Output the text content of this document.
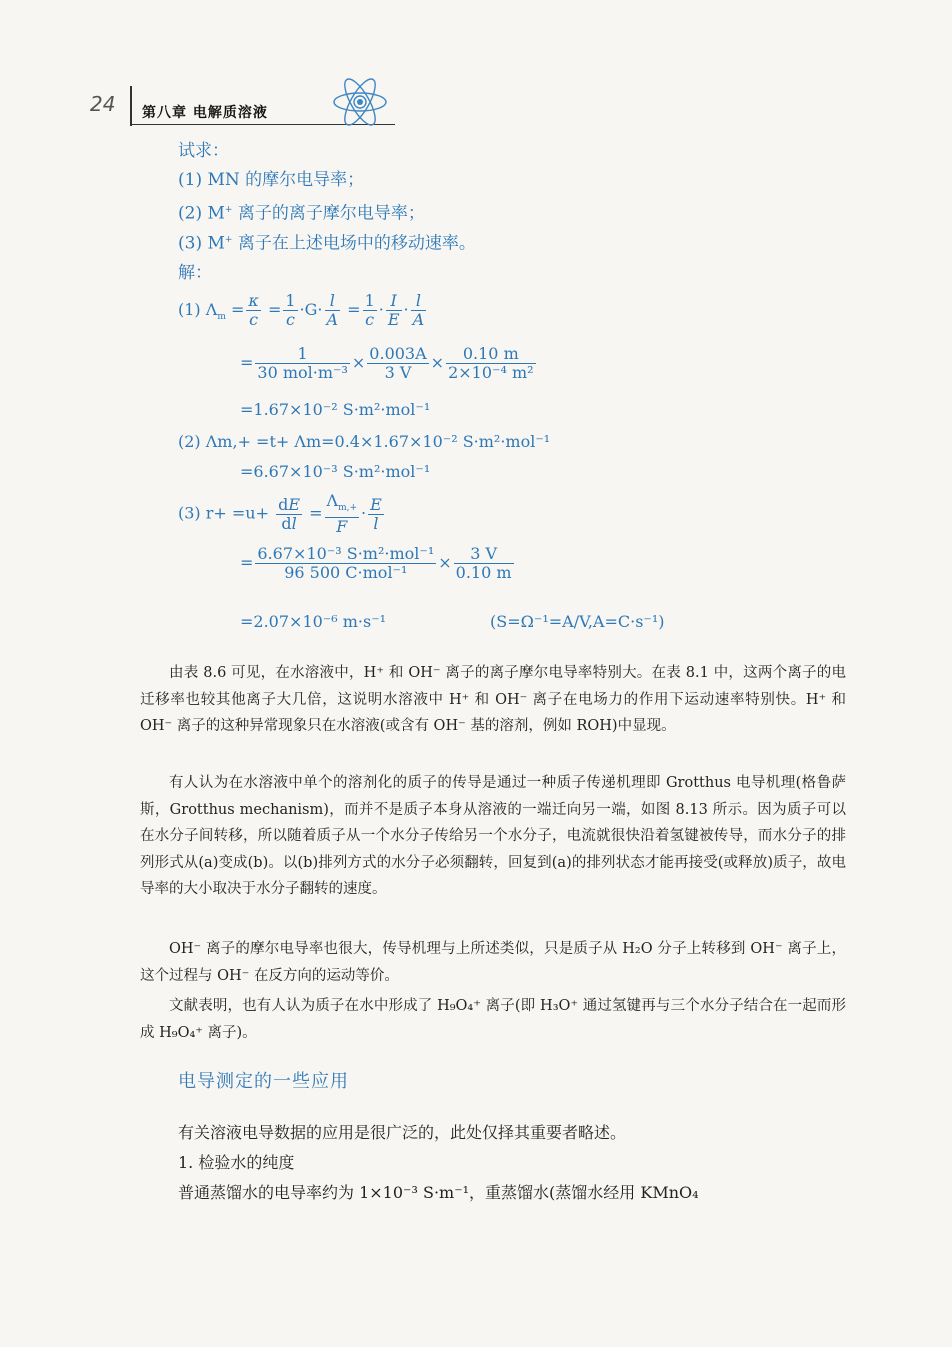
24 第八章 电解质溶液
试求：
(1) MN 的摩尔电导率；
(2) M+ 离子的离子摩尔电导率；
(3) M+ 离子在上述电场中的移动速率。
解：
(1) $\Lambda_m = \frac{\kappa}{c} = \frac{1}{c} \cdot G\cdot \frac{l}{A} = \frac{1}{c} \cdot \frac{I}{E} \cdot \frac{l}{A}$
= $\frac{1}{\text{30 mol·m⁻³}} \times \frac{0.003A}{3 V} \times \frac{0.10 m}{\text{2×10⁻⁴ m²}}$
=1.67×10⁻² S·m²·mol⁻¹
(2) Λm,+ =t+ Λm=0.4×1.67×10⁻² S·m²·mol⁻¹
=6.67×10⁻³ S·m²·mol⁻¹
(3) $r+ =u+ \frac{dE}{dl} = \frac{\Lambda_{m,+}}{F} \cdot \frac{E}{l}$
= $\frac{\text{6.67×10⁻³ S·m²·mol⁻¹}}{\text{96 500 C·mol⁻¹}} \times \frac{3 V}{0.10 m}$
=2.07×10⁻⁶ m·s⁻¹	(S=Ω⁻¹=A/V,A=C·s⁻¹)
由表 8.6 可见，在水溶液中，H⁺ 和 OH⁻ 离子的离子摩尔电导率特别大。在表 8.1 中，这两个离子的电迁移率也较其他离子大几倍，这说明水溶液中 H⁺ 和 OH⁻ 离子在电场力的作用下运动速率特别快。H⁺ 和 OH⁻ 离子的这种异常现象只在水溶液(或含有 OH⁻ 基的溶剂，例如 ROH)中显现。
有人认为在水溶液中单个的溶剂化的质子的传导是通过一种质子传递机理即 Grotthus 电导机理(格鲁萨斯，Grotthus mechanism)，而并不是质子本身从溶液的一端迁向另一端，如图 8.13 所示。因为质子可以在水分子间转移，所以随着质子从一个水分子传给另一个水分子，电流就很快沿着氢键被传导，而水分子的排列形式从(a)变成(b)。以(b)排列方式的水分子必须翻转，回复到(a)的排列状态才能再接受(或释放)质子，故电导率的大小取决于水分子翻转的速度。
OH⁻ 离子的摩尔电导率也很大，传导机理与上所述类似，只是质子从 H₂O 分子上转移到 OH⁻ 离子上，这个过程与 OH⁻ 在反方向的运动等价。
文献表明，也有人认为质子在水中形成了 H₉O₄⁺ 离子(即 H₃O⁺ 通过氢键再与三个水分子结合在一起而形成 H₉O₄⁺ 离子)。
电导测定的一些应用
有关溶液电导数据的应用是很广泛的，此处仅择其重要者略述。
1. 检验水的纯度
普通蒸馏水的电导率约为 1×10⁻³ S·m⁻¹，重蒸馏水(蒸馏水经用 KMnO₄
